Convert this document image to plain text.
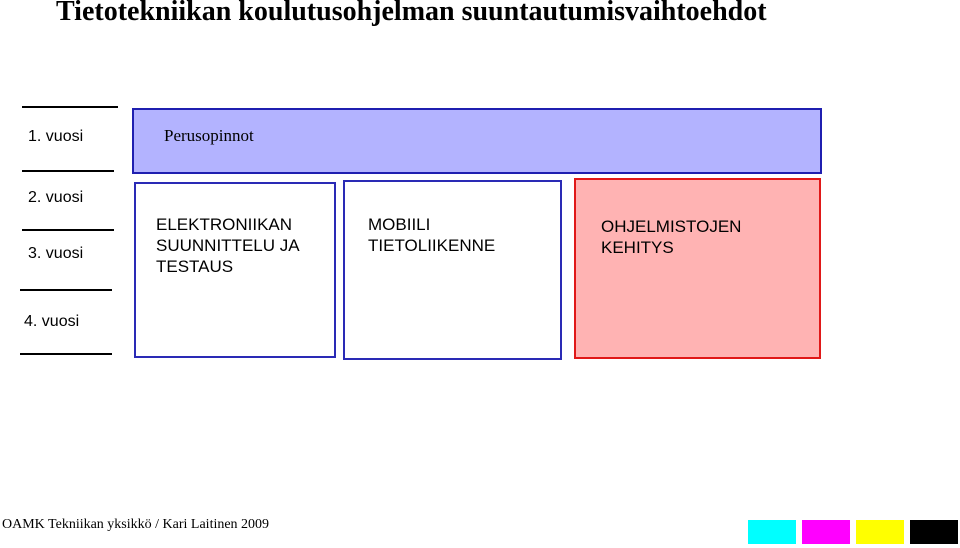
Tietotekniikan koulutusohjelman suuntautumisvaihtoehdot
1. vuosi
2. vuosi
3. vuosi
4. vuosi
Perusopinnot
ELEKTRONIIKAN
SUUNNITTELU JA
TESTAUS
MOBIILI
TIETOLIIKENNE
OHJELMISTOJEN
KEHITYS
OAMK Tekniikan yksikkö / Kari Laitinen 2009
